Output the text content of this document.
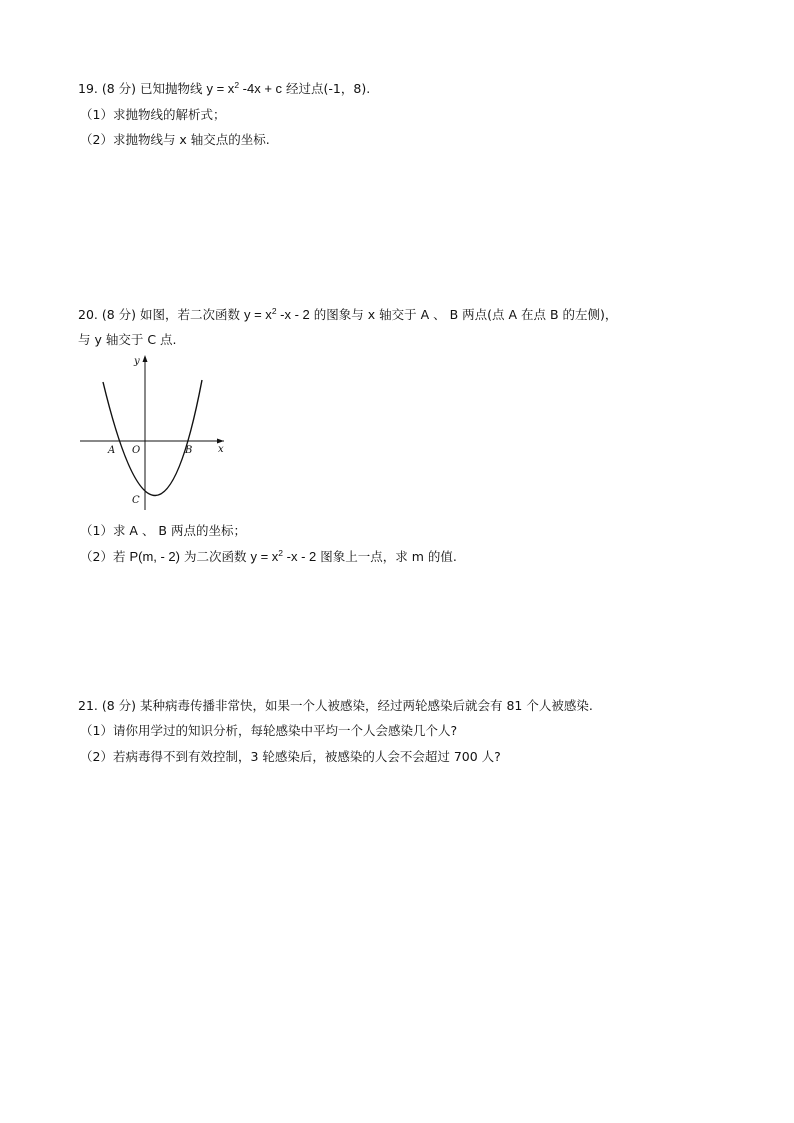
19. (8 分) 已知抛物线 $y = x^2$ -4x + c 经过点(-1，8).
（1）求抛物线的解析式；
（2）求抛物线与 x 轴交点的坐标.
20. (8 分) 如图，若二次函数 $y = x^2$ -x - 2 的图象与 x 轴交于 A 、 B 两点(点 A 在点 B 的左侧)，
与 y 轴交于 C 点.
y
x
A O	B
C
（1）求 A 、 B 两点的坐标；
（2）若 P(m, - 2) 为二次函数 $y = x^2$ -x - 2 图象上一点，求 m 的值.
21. (8 分) 某种病毒传播非常快，如果一个人被感染，经过两轮感染后就会有 81 个人被感染.
（1）请你用学过的知识分析，每轮感染中平均一个人会感染几个人?
（2）若病毒得不到有效控制，3 轮感染后，被感染的人会不会超过 700 人?
